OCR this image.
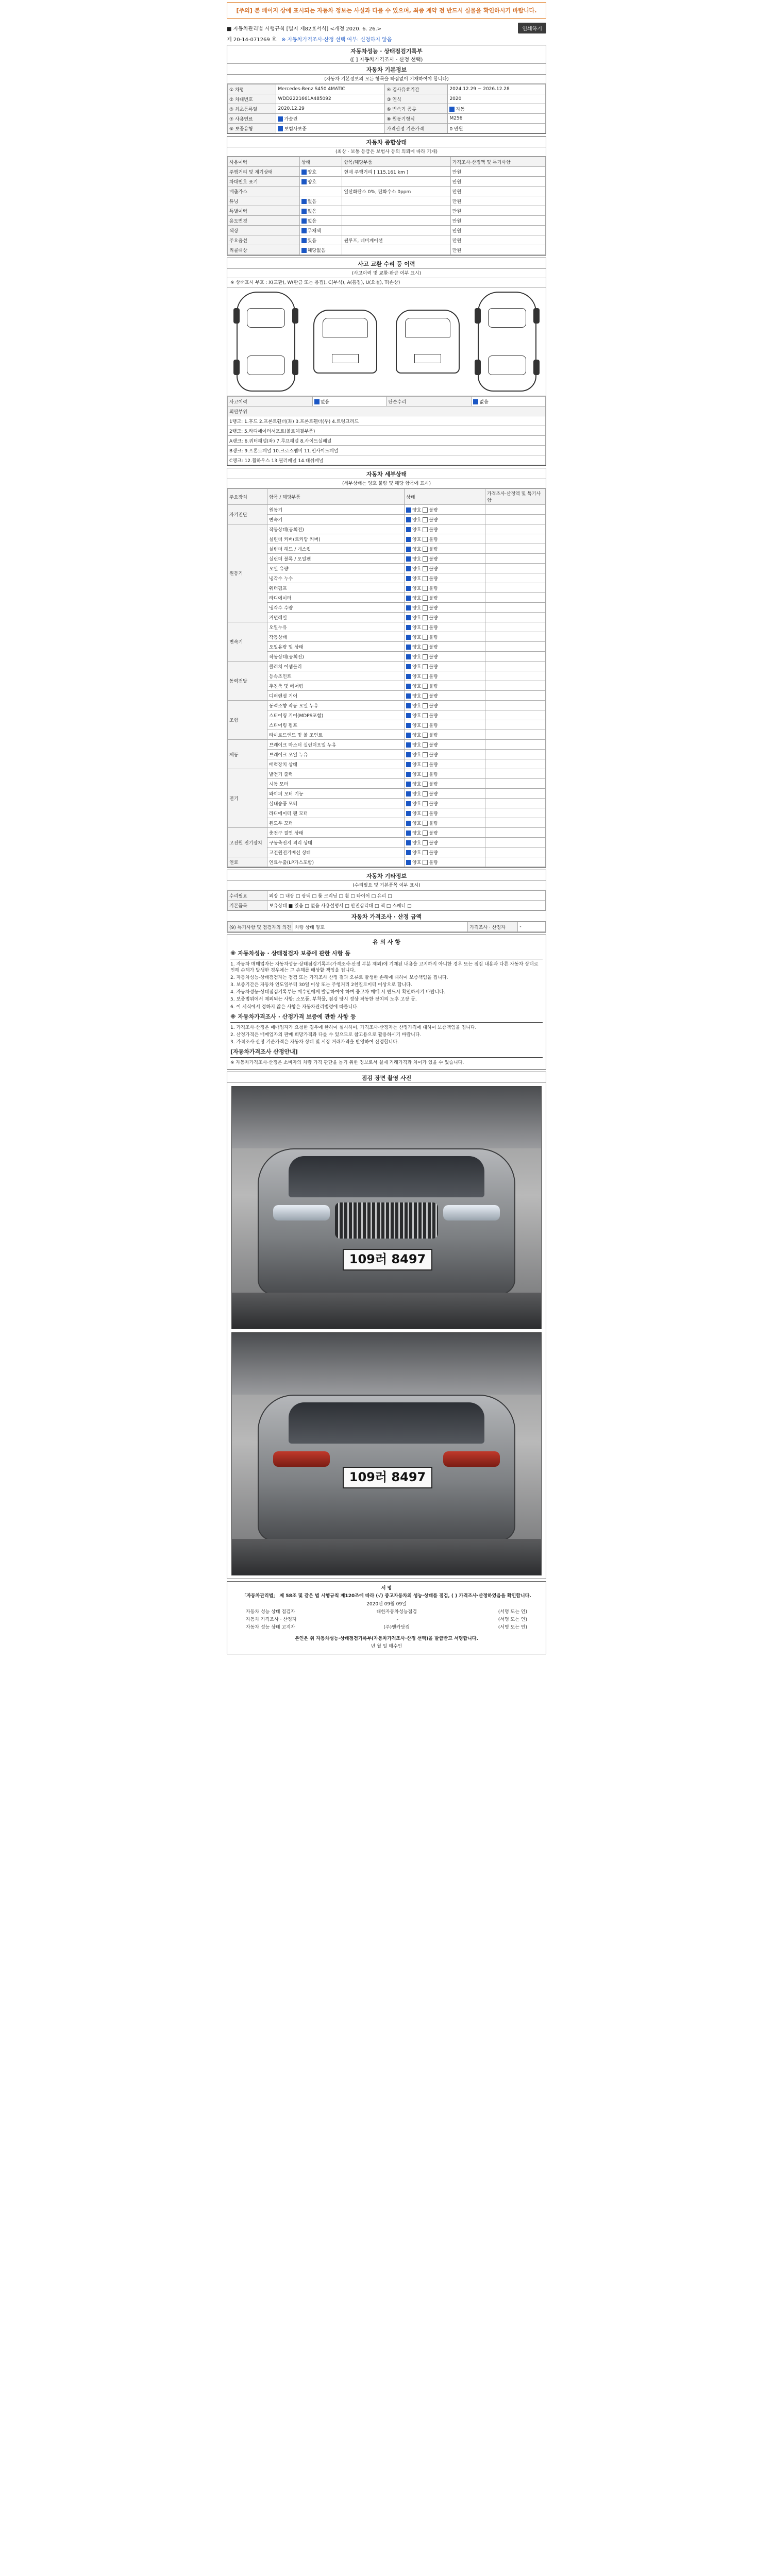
[주의] 본 페이지 상에 표시되는 자동차 정보는 사실과 다를 수 있으며, 최종 계약 전 반드시 실물을 확인하시기 바랍니다.
■ 자동차관리법 시행규칙 [별지 제82호서식] <개정 2020. 6. 26.>	인쇄하기
제 20-14-071269 호 ※ 자동차가격조사·산정 선택 여부: 신청하지 않음
자동차성능 · 상태점검기록부
([ ] 자동차가격조사 · 산정 선택)
자동차 기본정보
(자동차 기본정보의 모든 항목을 빠짐없이 기재하여야 합니다)
① 차명	Mercedes-Benz S450 4MATIC	④ 검사유효기간	2024.12.29 ~ 2026.12.28
② 차대번호	WDD2221661A485092	③ 연식	2020
⑤ 최초등록일	2020.12.29	⑥ 변속기 종류	자동
⑦ 사용연료	가솔린	⑧ 원동기형식	M256
⑨ 보증유형	보험사보증	가격산정 기준가격	0 만원
자동차 종합상태
(최상 · 보통 등급은 보험사 등의 의뢰에 따라 기재)
사용이력	상태	항목/해당부품	가격조사·산정액 및 특기사항
주행거리 및 계기상태	양호	현재 주행거리 [ 115,161 km ]	만원
차대번호 표기	양호		만원
배출가스		일산화탄소 0%, 탄화수소 0ppm	만원
튜닝	없음		만원
특별이력	없음		만원
용도변경	없음		만원
색상	무채색		만원
주요옵션	있음	썬루프, 네비게이션	만원
리콜대상	해당없음		만원
사고 교환 수리 등 이력
(사고이력 및 교환·판금 여부 표시)
※ 상태표시 부호 : X(교환), W(판금 또는 용접), C(부식), A(흠집), U(요철), T(손상)
사고이력	없음	단순수리	없음
외판부위
1랭크: 1.후드 2.프론트휀더(좌) 3.프론트휀더(우) 4.트렁크리드
2랭크: 5.라디에이터서포트(볼트체결부품)
A랭크: 6.쿼터패널(좌) 7.루프패널 8.사이드실패널
B랭크: 9.프론트패널 10.크로스멤버 11.인사이드패널
C랭크: 12.휠하우스 13.필러패널 14.대쉬패널
자동차 세부상태
(세부상태는 양호 불량 및 해당 항목에 표시)
주요장치	항목 / 해당부품	상태	가격조사·산정액 및 특기사항
자기진단	원동기	양호 불량	
	변속기	양호 불량	
원동기	작동상태(공회전)	양호 불량	
	실린더 커버(로커암 커버)	양호 불량	
	실린더 헤드 / 개스킷	양호 불량	
	실린더 블록 / 오일팬	양호 불량	
	오일 유량	양호 불량	
	냉각수 누수	양호 불량	
	워터펌프	양호 불량	
	라디에이터	양호 불량	
	냉각수 수량	양호 불량	
	커먼레일	양호 불량	
변속기	오일누유	양호 불량	
	작동상태	양호 불량	
	오일유량 및 상태	양호 불량	
	작동상태(공회전)	양호 불량	
동력전달	클러치 어셈블리	양호 불량	
	등속조인트	양호 불량	
	추진축 및 베어링	양호 불량	
	디퍼렌셜 기어	양호 불량	
조향	동력조향 작동 오일 누유	양호 불량	
	스티어링 기어(MDPS포함)	양호 불량	
	스티어링 펌프	양호 불량	
	타이로드엔드 및 볼 조인트	양호 불량	
제동	브레이크 마스터 실린더오일 누유	양호 불량	
	브레이크 오일 누유	양호 불량	
	배력장치 상태	양호 불량	
전기	발전기 출력	양호 불량	
	시동 모터	양호 불량	
	와이퍼 모터 기능	양호 불량	
	실내송풍 모터	양호 불량	
	라디에이터 팬 모터	양호 불량	
	윈도우 모터	양호 불량	
고전원 전기장치	충전구 절연 상태	양호 불량	
	구동축전지 격리 상태	양호 불량	
	고전원전기배선 상태	양호 불량	
연료	연료누출(LP가스포함)	양호 불량	
자동차 기타정보
(수리필요 및 기본품목 여부 표시)
수리필요	외장 □ 내장 □ 광택 □ 룸 크리닝 □ 휠 □ 타이어 □ 유리 □
기본품목	보유상태 ■ 있음 □ 없음 사용설명서 □ 안전삼각대 □ 잭 □ 스패너 □
자동차 가격조사 · 산정 금액
(9) 특기사항 및 점검자의 의견	차량 상태 양호	가격조사 · 산정자	-
유 의 사 항
※ 자동차성능 · 상태점검자 보증에 관한 사항 등
1. 자동차 매매업자는 자동차성능·상태점검기록부(가격조사·산정 부분 제외)에 기재된 내용을 고지하지 아니한 경우 또는 점검 내용과 다른 자동차 상태로 인해 손해가 발생한 경우에는 그 손해를 배상할 책임을 집니다.
2. 자동차성능·상태점검자는 점검 또는 가격조사·산정 결과 오류로 발생한 손해에 대하여 보증책임을 집니다.
3. 보증기간은 자동차 인도일부터 30일 이상 또는 주행거리 2천킬로미터 이상으로 합니다.
4. 자동차성능·상태점검기록부는 매수인에게 발급하여야 하며 중고차 매매 시 반드시 확인하시기 바랍니다.
5. 보증범위에서 제외되는 사항: 소모품, 부착물, 점검 당시 정상 작동한 장치의 노후 고장 등.
6. 이 서식에서 정하지 않은 사항은 자동차관리법령에 따릅니다.
※ 자동차가격조사 · 산정가격 보증에 관한 사항 등
1. 가격조사·산정은 매매업자가 요청한 경우에 한하여 실시하며, 가격조사·산정자는 산정가격에 대하여 보증책임을 집니다.
2. 산정가격은 매매업자의 판매 희망가격과 다를 수 있으므로 참고용으로 활용하시기 바랍니다.
3. 가격조사·산정 기준가격은 자동차 상태 및 시장 거래가격을 반영하여 산정합니다.
[자동차가격조사 산정안내]
※ 자동차가격조사·산정은 소비자의 차량 가격 판단을 돕기 위한 정보로서 실제 거래가격과 차이가 있을 수 있습니다.
점검 장면 촬영 사진
109러 8497
109러 8497
서 명
「자동차관리법」 제 58조 및 같은 법 시행규칙 제120조에 따라 (√) 중고자동차의 성능·상태를 점검, ( ) 가격조사·산정하였음을 확인합니다.
2020년 09월 09일
자동차 성능 상태 점검자	대한자동차성능점검	(서명 또는 인)
자동차 가격조사 · 산정자	-	(서명 또는 인)
자동차 성능 상태 고지자	(주)엔카닷컴	(서명 또는 인)
본인은 위 자동차성능·상태점검기록부(자동차가격조사·산정 선택)을 발급받고 서명합니다.
년 월 일 매수인
